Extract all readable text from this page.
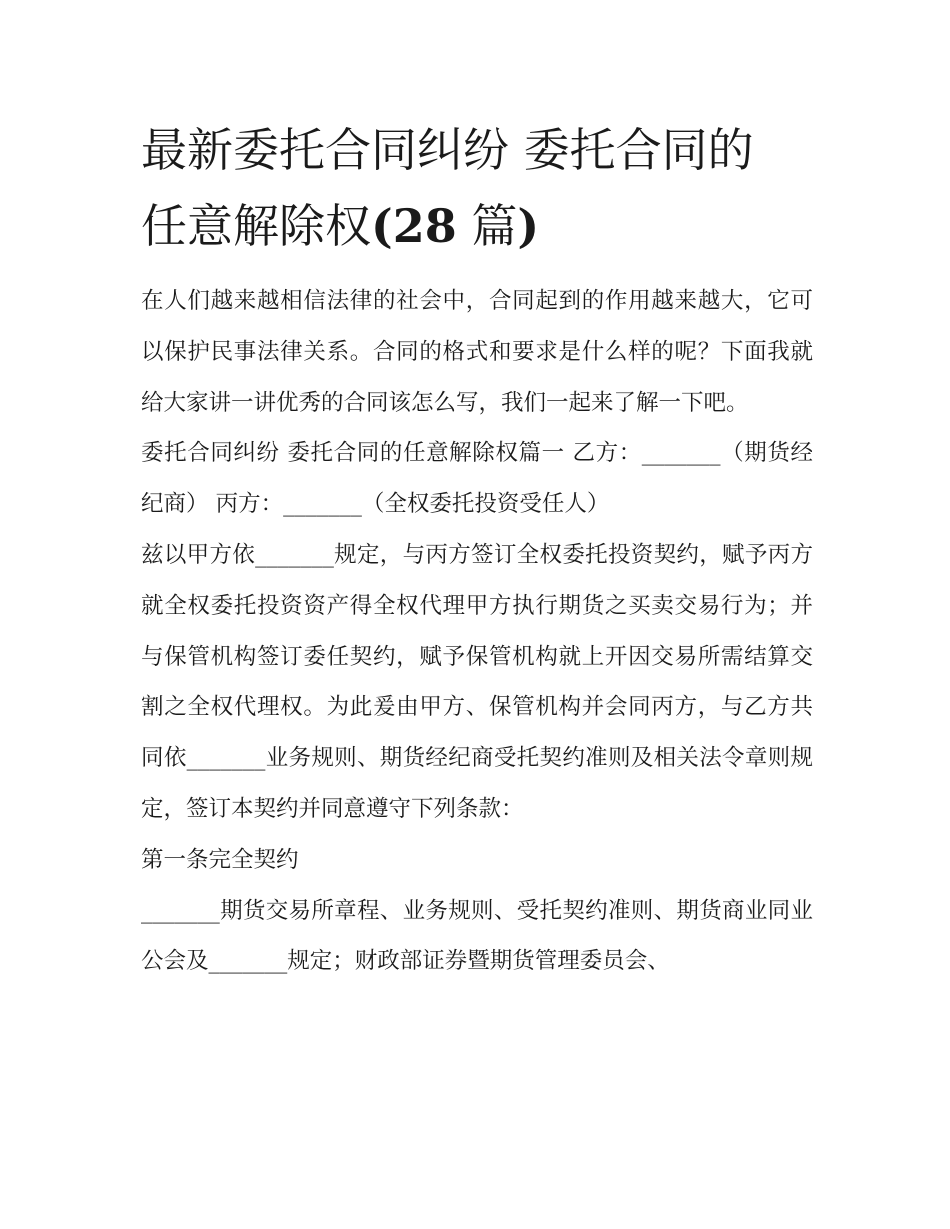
最新委托合同纠纷 委托合同的
任意解除权(28 篇)

在人们越来越相信法律的社会中，合同起到的作用越来越大，它可以保护民事法律关系。合同的格式和要求是什么样的呢？下面我就给大家讲一讲优秀的合同该怎么写，我们一起来了解一下吧。

委托合同纠纷 委托合同的任意解除权篇一 乙方：_______（期货经纪商） 丙方：_______（全权委托投资受任人）

兹以甲方依_______规定，与丙方签订全权委托投资契约，赋予丙方就全权委托投资资产得全权代理甲方执行期货之买卖交易行为；并与保管机构签订委任契约，赋予保管机构就上开因交易所需结算交割之全权代理权。为此爰由甲方、保管机构并会同丙方，与乙方共同依_______业务规则、期货经纪商受托契约准则及相关法令章则规定，签订本契约并同意遵守下列条款：

第一条完全契约

_______期货交易所章程、业务规则、受托契约准则、期货商业同业公会及_______规定；财政部证券暨期货管理委员会、
